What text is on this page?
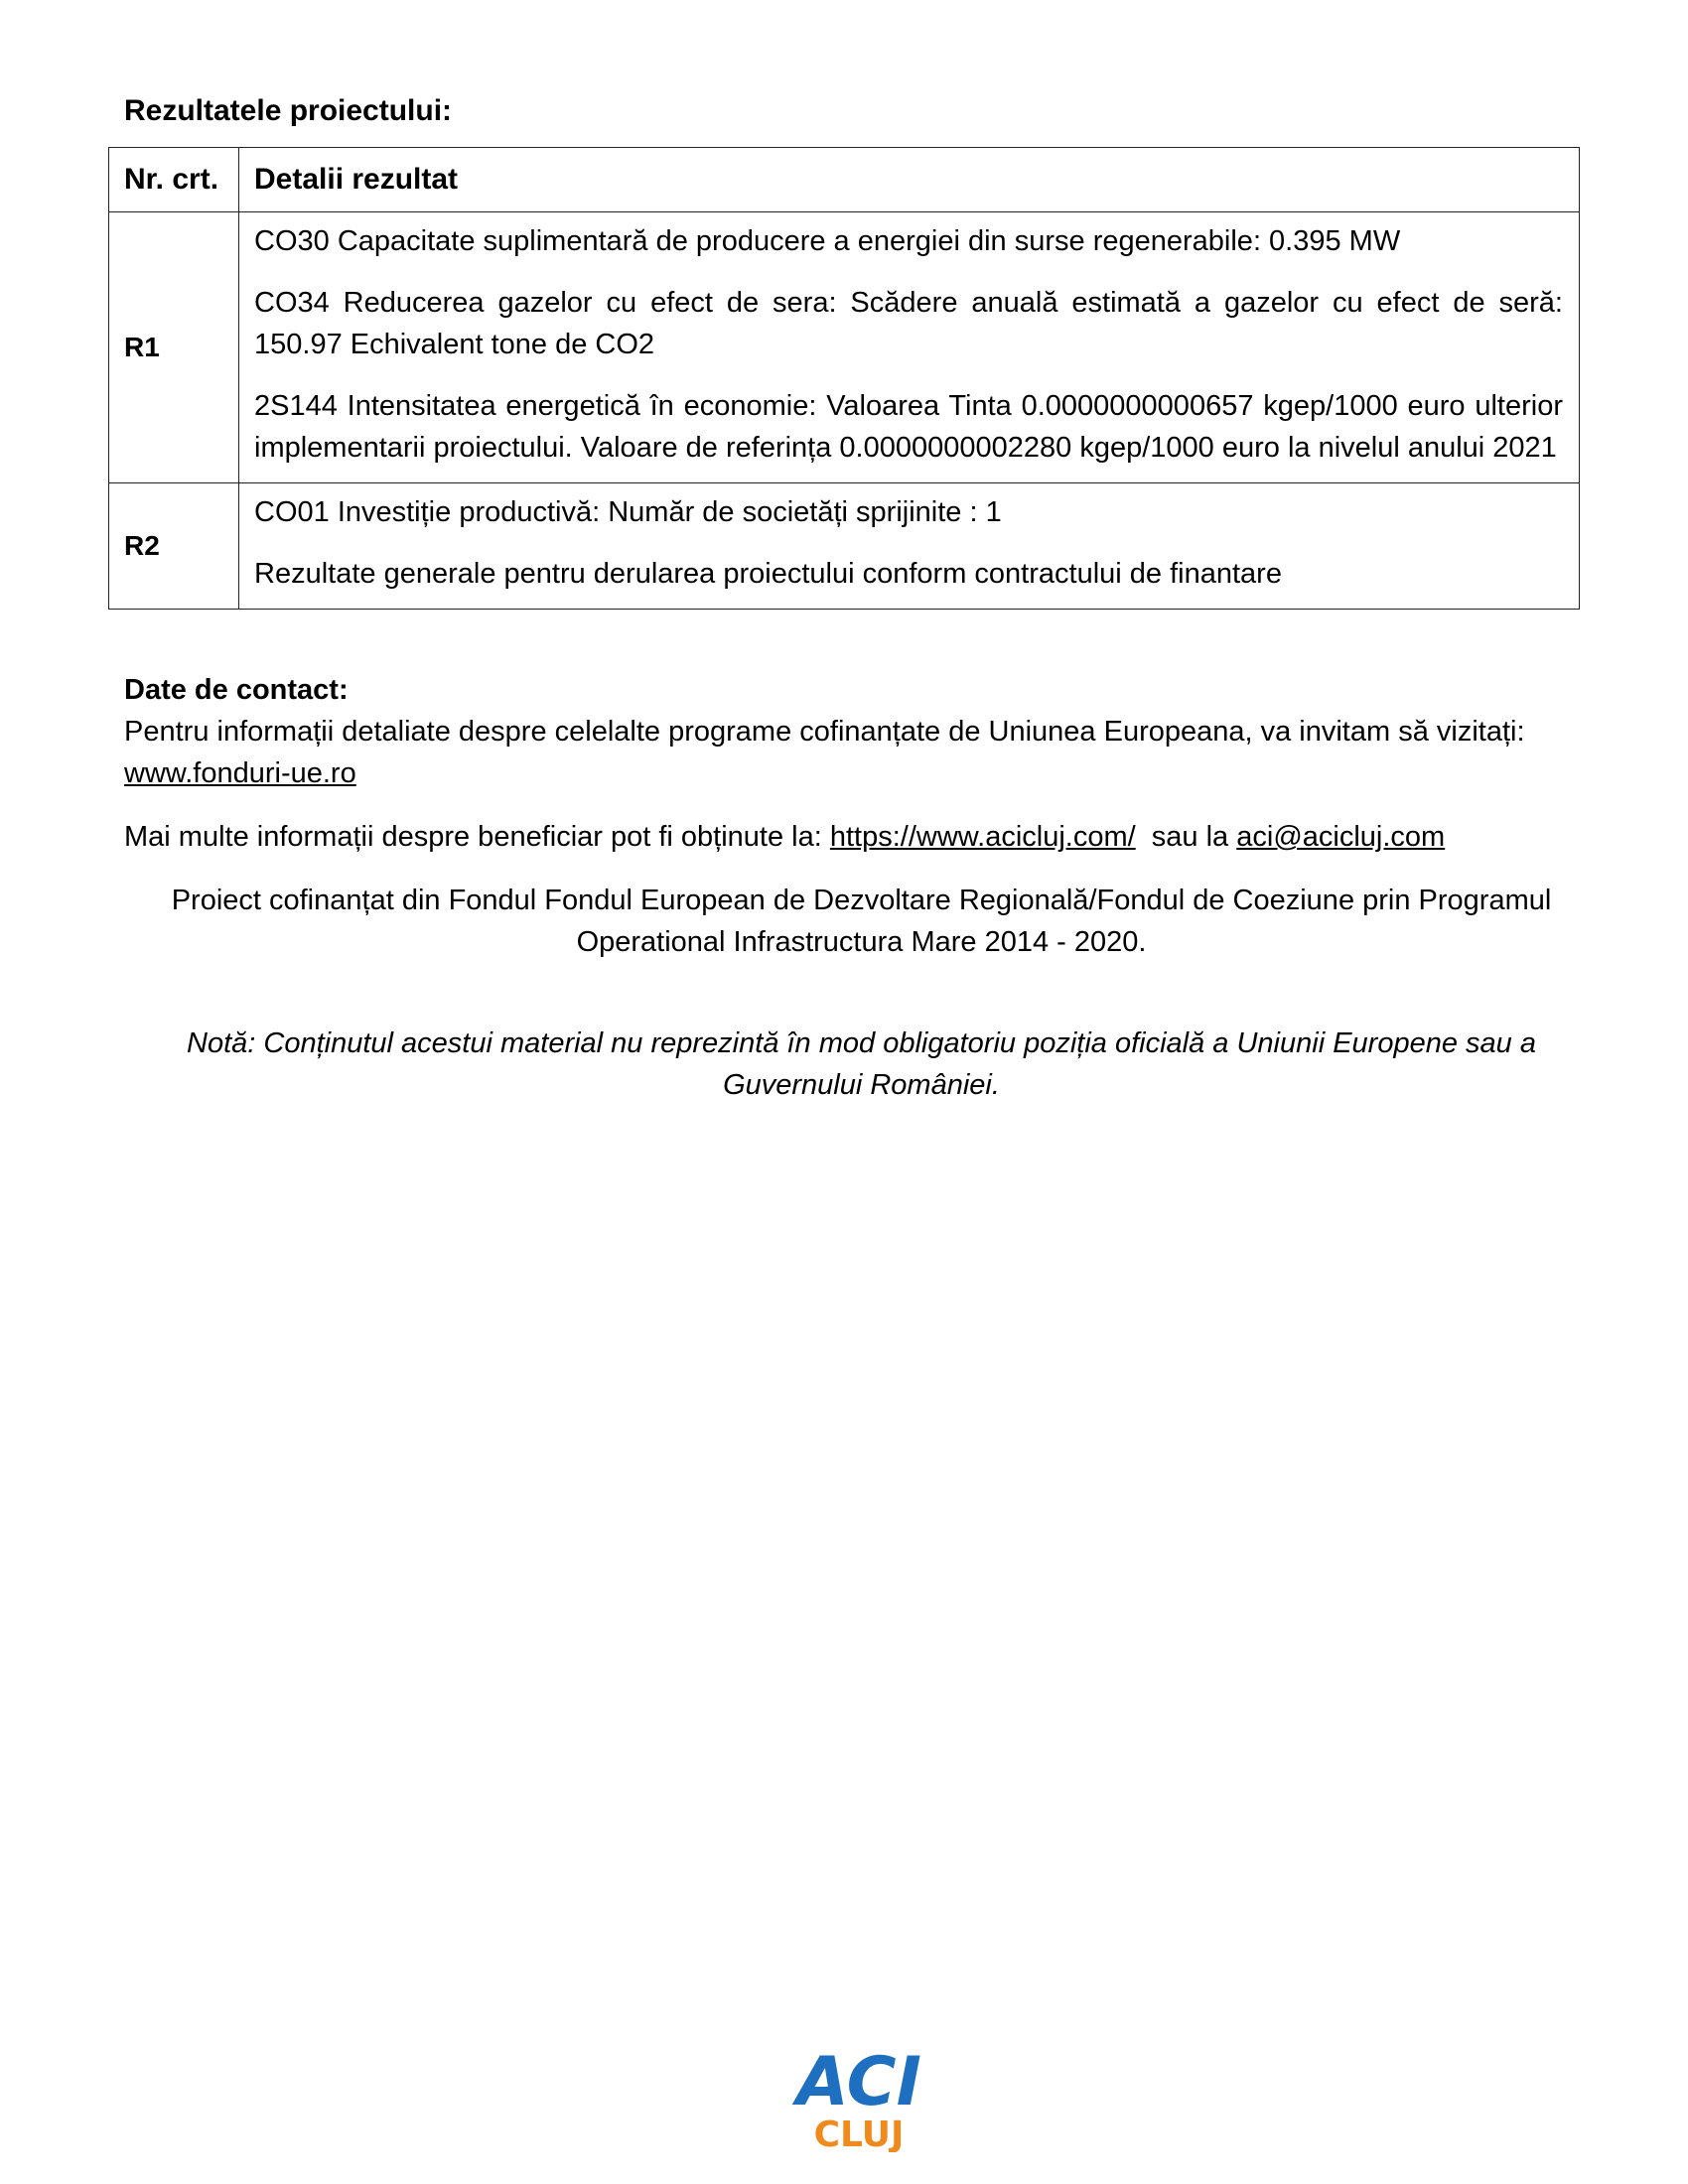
Rezultatele proiectului:
Nr. crt.	Detalii rezultat
R1	CO30 Capacitate suplimentară de producere a energiei din surse regenerabile: 0.395 MW

CO34 Reducerea gazelor cu efect de sera: Scădere anuală estimată a gazelor cu efect de seră: 150.97 Echivalent tone de CO2

2S144 Intensitatea energetică în economie: Valoarea Tinta 0.0000000000657 kgep/1000 euro ulterior implementarii proiectului. Valoare de referința 0.0000000002280 kgep/1000 euro la nivelul anului 2021

R2	CO01 Investiție productivă: Număr de societăți sprijinite : 1

Rezultate generale pentru derularea proiectului conform contractului de finantare

Date de contact:

Pentru informații detaliate despre celelalte programe cofinanțate de Uniunea Europeana, va invitam să vizitați: www.fonduri-ue.ro

Mai multe informații despre beneficiar pot fi obținute la: https://www.acicluj.com/  sau la aci@acicluj.com

Proiect cofinanțat din Fondul Fondul European de Dezvoltare Regională/Fondul de Coeziune prin Programul Operational Infrastructura Mare 2014 - 2020.

Notă: Conținutul acestui material nu reprezintă în mod obligatoriu poziția oficială a Uniunii Europene sau a Guvernului României.

ACI
CLUJ
